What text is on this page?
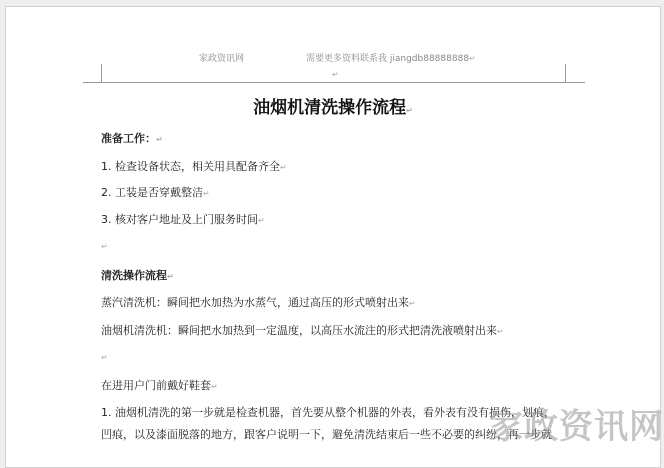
家政资讯网	需要更多资料联系我 jiangdb88888888↵
↵
油烟机清洗操作流程↵
准备工作：↵
1. 检查设备状态，相关用具配备齐全↵
2. 工装是否穿戴整洁↵
3. 核对客户地址及上门服务时间↵
↵
清洗操作流程↵
蒸汽清洗机：瞬间把水加热为水蒸气，通过高压的形式喷射出来↵
油烟机清洗机：瞬间把水加热到一定温度，以高压水流注的形式把清洗液喷射出来↵
↵
在进用户门前戴好鞋套↵
1. 油烟机清洗的第一步就是检查机器，首先要从整个机器的外表，看外表有没有损伤，划痕，
凹痕，以及漆面脱落的地方，跟客户说明一下，避免清洗结束后一些不必要的纠纷，再一步就
家政资讯网
